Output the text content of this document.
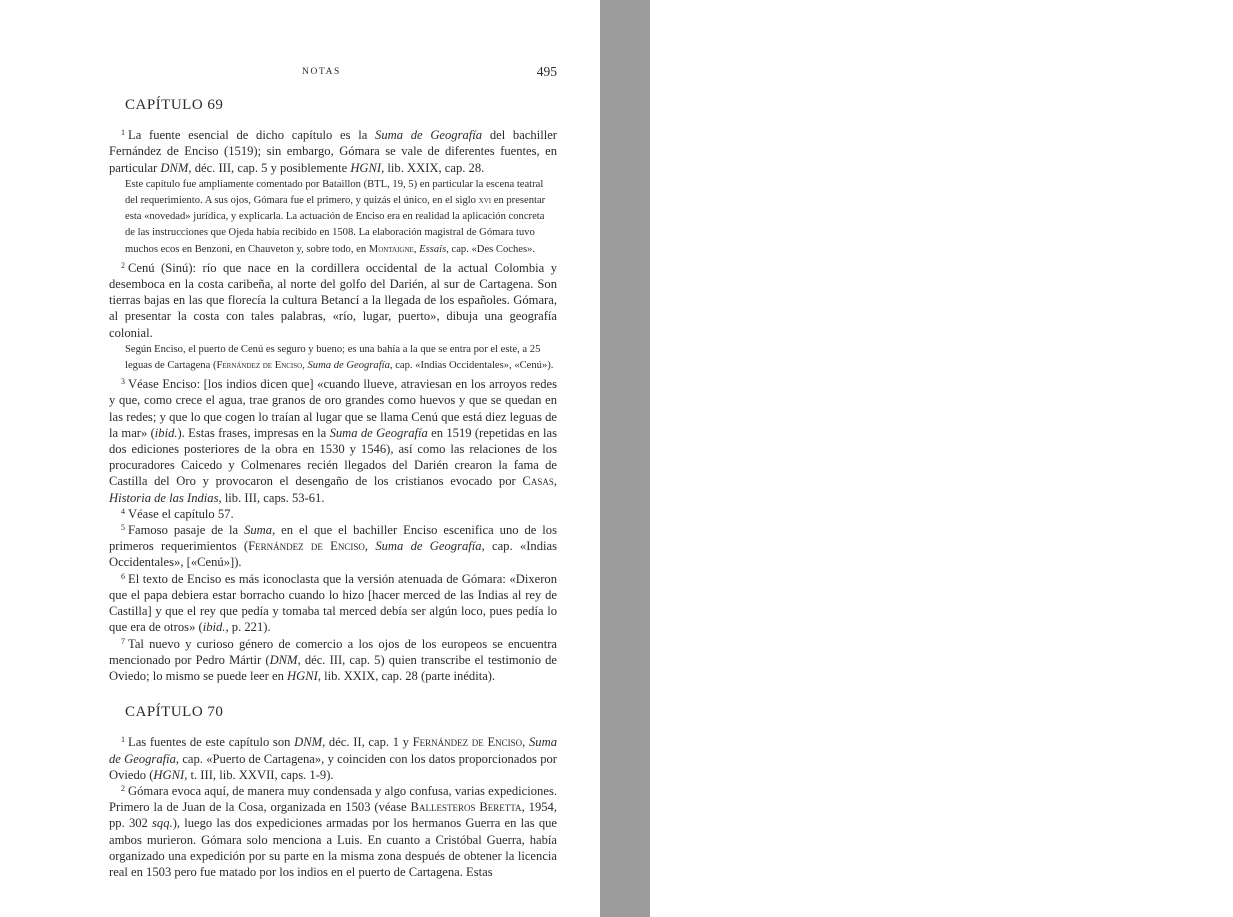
NOTAS|CAPÍTULOS 67-70
NOTAS	495
CAPÍTULO 69

$^1$ La fuente esencial de dicho capítulo es la Suma de Geografía del bachiller Fernández de Enciso (1519); sin embargo, Gómara se vale de diferentes fuentes, en particular DNM, déc. III, cap. 5 y posiblemente HGNI, lib. XXIX, cap. 28.

Este capítulo fue ampliamente comentado por Bataillon (BTL, 19, 5) en particular la escena teatral del requerimiento. A sus ojos, Gómara fue el primero, y quizás el único, en el siglo xvi en presentar esta «novedad» jurídica, y explicarla. La actuación de Enciso era en realidad la aplicación concreta de las instrucciones que Ojeda había recibido en 1508. La elaboración magistral de Gómara tuvo muchos ecos en Benzoni, en Chauveton y, sobre todo, en Montaigne, Essais, cap. «Des Coches».

$^2$ Cenú (Sinú): río que nace en la cordillera occidental de la actual Colombia y desemboca en la costa caribeña, al norte del golfo del Darién, al sur de Cartagena. Son tierras bajas en las que florecía la cultura Betancí a la llegada de los españoles. Gómara, al presentar la costa con tales palabras, «río, lugar, puerto», dibuja una geografía colonial.

Según Enciso, el puerto de Cenú es seguro y bueno; es una bahía a la que se entra por el este, a 25 leguas de Cartagena (Fernández de Enciso, Suma de Geografía, cap. «Indias Occidentales», «Cenú»).

$^3$ Véase Enciso: [los indios dicen que] «cuando llueve, atraviesan en los arroyos redes y que, como crece el agua, trae granos de oro grandes como huevos y que se quedan en las redes; y que lo que cogen lo traían al lugar que se llama Cenú que está diez leguas de la mar» (ibid.). Estas frases, impresas en la Suma de Geografía en 1519 (repetidas en las dos ediciones posteriores de la obra en 1530 y 1546), así como las relaciones de los procuradores Caicedo y Colmenares recién llegados del Darién crearon la fama de Castilla del Oro y provocaron el desengaño de los cristianos evocado por Casas, Historia de las Indias, lib. III, caps. 53-61.

$^4$ Véase el capítulo 57.

$^5$ Famoso pasaje de la Suma, en el que el bachiller Enciso escenifica uno de los primeros requerimientos (Fernández de Enciso, Suma de Geografía, cap. «Indias Occidentales», [«Cenú»]).

$^6$ El texto de Enciso es más iconoclasta que la versión atenuada de Gómara: «Dixeron que el papa debiera estar borracho cuando lo hizo [hacer merced de las Indias al rey de Castilla] y que el rey que pedía y tomaba tal merced debía ser algún loco, pues pedía lo que era de otros» (ibid., p. 221).

$^7$ Tal nuevo y curioso género de comercio a los ojos de los europeos se encuentra mencionado por Pedro Mártir (DNM, déc. III, cap. 5) quien transcribe el testimonio de Oviedo; lo mismo se puede leer en HGNI, lib. XXIX, cap. 28 (parte inédita).

CAPÍTULO 70

$^1$ Las fuentes de este capítulo son DNM, déc. II, cap. 1 y Fernández de Enciso, Suma de Geografía, cap. «Puerto de Cartagena», y coinciden con los datos proporcionados por Oviedo (HGNI, t. III, lib. XXVII, caps. 1-9).

$^2$ Gómara evoca aquí, de manera muy condensada y algo confusa, varias expediciones. Primero la de Juan de la Cosa, organizada en 1503 (véase Ballesteros Beretta, 1954, pp. 302 sqq.), luego las dos expediciones armadas por los hermanos Guerra en las que ambos murieron. Gómara solo menciona a Luis. En cuanto a Cristóbal Guerra, había organizado una expedición por su parte en la misma zona después de obtener la licencia real en 1503 pero fue matado por los indios en el puerto de Cartagena. Estas
